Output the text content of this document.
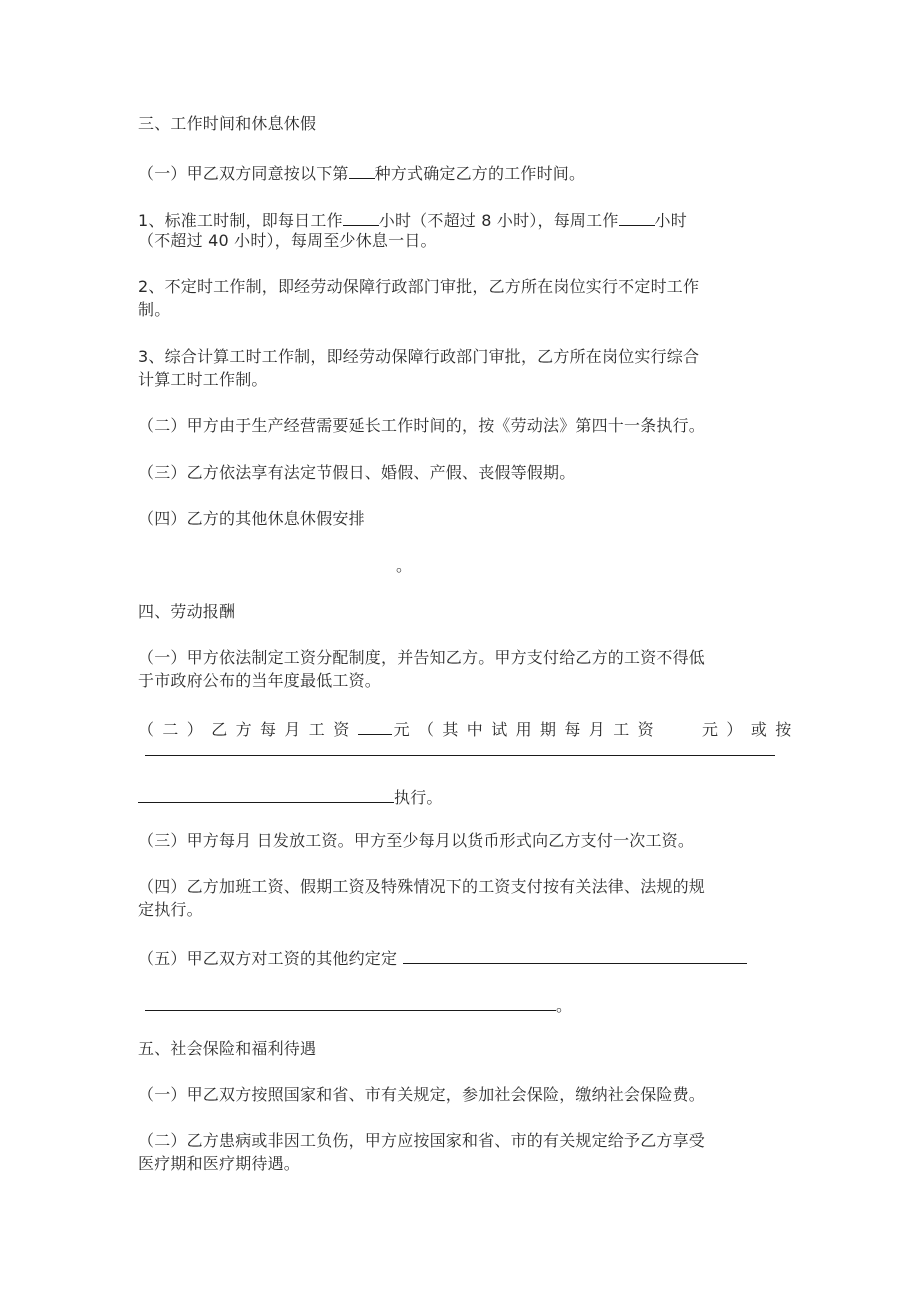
三、工作时间和休息休假
（一）甲乙双方同意按以下第 种方式确定乙方的工作时间。
1、标准工时制，即每日工作 小时（不超过 8 小时），每周工作 小时
（不超过 40 小时），每周至少休息一日。
2、不定时工作制，即经劳动保障行政部门审批，乙方所在岗位实行不定时工作
制。
3、综合计算工时工作制，即经劳动保障行政部门审批，乙方所在岗位实行综合
计算工时工作制。
（二）甲方由于生产经营需要延长工作时间的，按《劳动法》第四十一条执行。
（三）乙方依法享有法定节假日、婚假、产假、丧假等假期。
（四）乙方的其他休息休假安排
。
四、劳动报酬
（一）甲方依法制定工资分配制度，并告知乙方。甲方支付给乙方的工资不得低
于市政府公布的当年度最低工资。
（二）乙方每月工资 元（其中试用期每月工资	元）或按
执行。
（三）甲方每月 日发放工资。甲方至少每月以货币形式向乙方支付一次工资。
（四）乙方加班工资、假期工资及特殊情况下的工资支付按有关法律、法规的规
定执行。
（五）甲乙双方对工资的其他约定定
。
五、社会保险和福利待遇
（一）甲乙双方按照国家和省、市有关规定，参加社会保险，缴纳社会保险费。
（二）乙方患病或非因工负伤，甲方应按国家和省、市的有关规定给予乙方享受
医疗期和医疗期待遇。
